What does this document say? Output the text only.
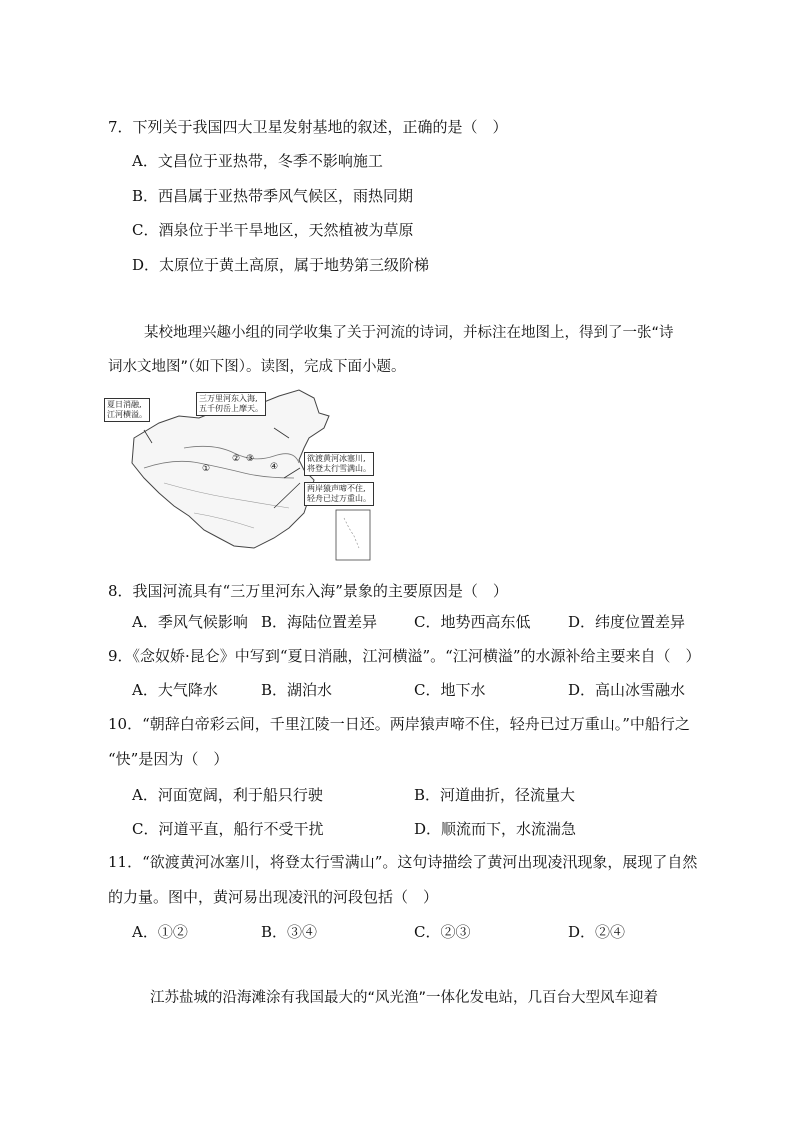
7．下列关于我国四大卫星发射基地的叙述，正确的是（　）
A．文昌位于亚热带，冬季不影响施工
B．西昌属于亚热带季风气候区，雨热同期
C．酒泉位于半干旱地区，天然植被为草原
D．太原位于黄土高原，属于地势第三级阶梯
某校地理兴趣小组的同学收集了关于河流的诗词，并标注在地图上，得到了一张“诗
词水文地图”（如下图）。读图，完成下面小题。
夏日消融,
江河横溢。
三万里河东入海,
五千仞岳上摩天。
欲渡黄河冰塞川,
将登太行雪满山。
两岸猿声啼不住,
轻舟已过万重山。
①
② ③
④
8．我国河流具有“三万里河东入海”景象的主要原因是（　）
A．季风气候影响 B．海陆位置差异 C．地势西高东低	D．纬度位置差异
9．《念奴娇·昆仑》中写到“夏日消融，江河横溢”。“江河横溢”的水源补给主要来自（　）
A．大气降水	B．湖泊水	C．地下水	D．高山冰雪融水
10．“朝辞白帝彩云间，千里江陵一日还。两岸猿声啼不住，轻舟已过万重山。”中船行之
“快”是因为（　）
A．河面宽阔，利于船只行驶	B．河道曲折，径流量大
C．河道平直，船行不受干扰	D．顺流而下，水流湍急
11．“欲渡黄河冰塞川，将登太行雪满山”。这句诗描绘了黄河出现凌汛现象，展现了自然
的力量。图中，黄河易出现凌汛的河段包括（　）
A．①②	B．③④	C．②③	D．②④
江苏盐城的沿海滩涂有我国最大的“风光渔”一体化发电站，几百台大型风车迎着
